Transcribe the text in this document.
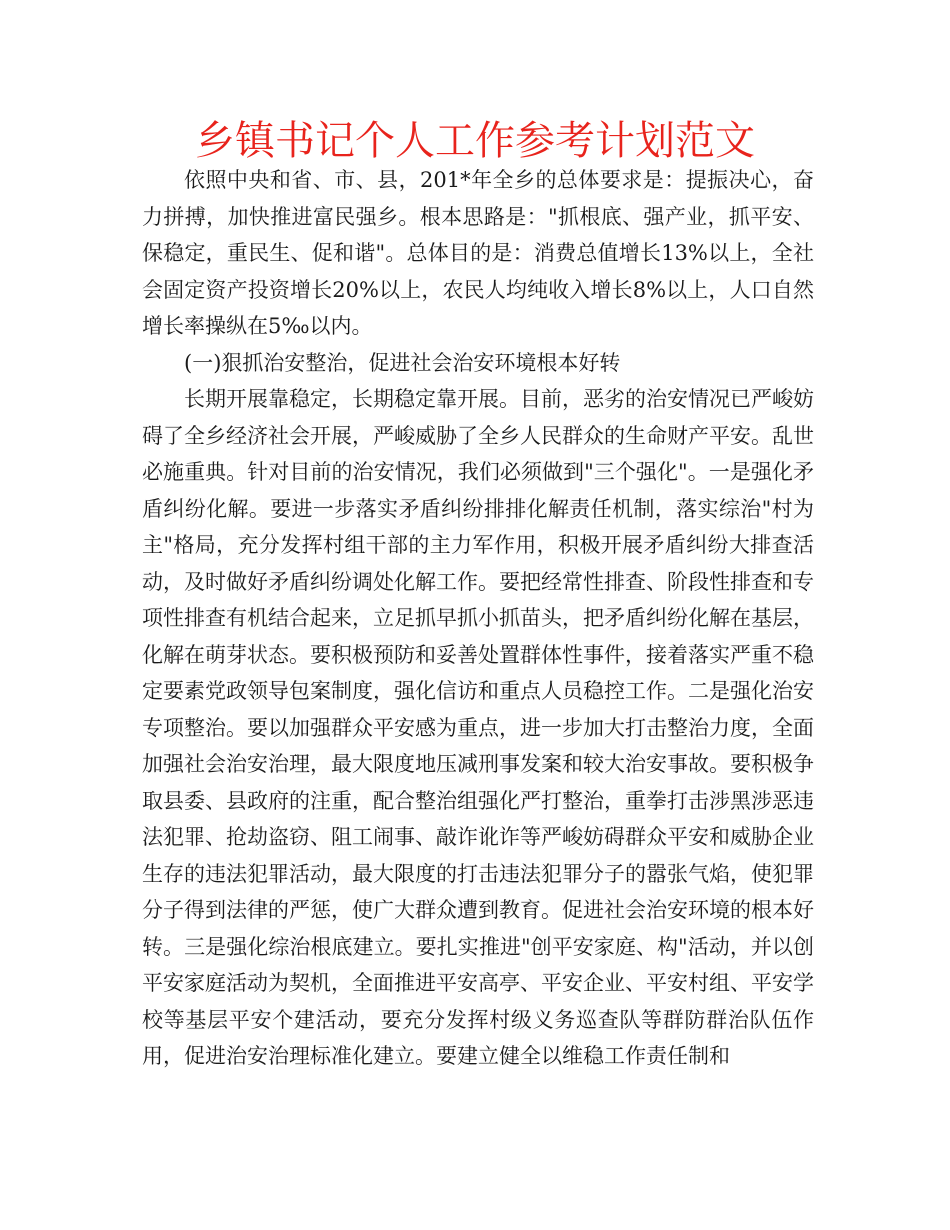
乡镇书记个人工作参考计划范文

依照中央和省、市、县，201*年全乡的总体要求是：提振决心，奋力拼搏，加快推进富民强乡。根本思路是："抓根底、强产业，抓平安、保稳定，重民生、促和谐"。总体目的是：消费总值增长13%以上，全社会固定资产投资增长20%以上，农民人均纯收入增长8%以上，人口自然增长率操纵在5‰以内。

(一)狠抓治安整治，促进社会治安环境根本好转

长期开展靠稳定，长期稳定靠开展。目前，恶劣的治安情况已严峻妨碍了全乡经济社会开展，严峻威胁了全乡人民群众的生命财产平安。乱世必施重典。针对目前的治安情况，我们必须做到"三个强化"。一是强化矛盾纠纷化解。要进一步落实矛盾纠纷排排化解责任机制，落实综治"村为主"格局，充分发挥村组干部的主力军作用，积极开展矛盾纠纷大排查活动，及时做好矛盾纠纷调处化解工作。要把经常性排查、阶段性排查和专项性排查有机结合起来，立足抓早抓小抓苗头，把矛盾纠纷化解在基层，化解在萌芽状态。要积极预防和妥善处置群体性事件，接着落实严重不稳定要素党政领导包案制度，强化信访和重点人员稳控工作。二是强化治安专项整治。要以加强群众平安感为重点，进一步加大打击整治力度，全面加强社会治安治理，最大限度地压减刑事发案和较大治安事故。要积极争取县委、县政府的注重，配合整治组强化严打整治，重拳打击涉黑涉恶违法犯罪、抢劫盗窃、阻工闹事、敲诈讹诈等严峻妨碍群众平安和威胁企业生存的违法犯罪活动，最大限度的打击违法犯罪分子的嚣张气焰，使犯罪分子得到法律的严惩，使广大群众遭到教育。促进社会治安环境的根本好转。三是强化综治根底建立。要扎实推进"创平安家庭、构"活动，并以创平安家庭活动为契机，全面推进平安高亭、平安企业、平安村组、平安学校等基层平安个建活动，要充分发挥村级义务巡查队等群防群治队伍作用，促进治安治理标准化建立。要建立健全以维稳工作责任制和
